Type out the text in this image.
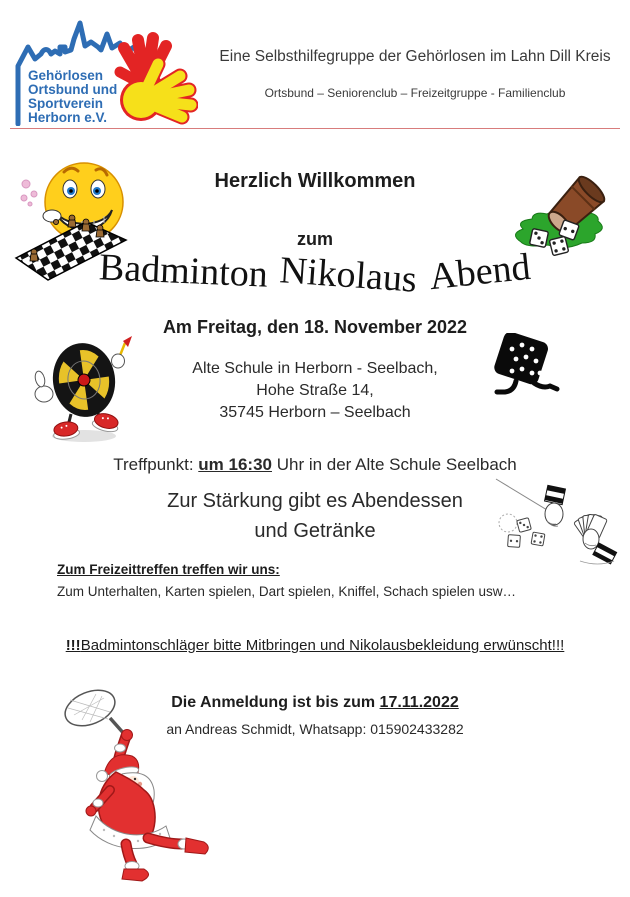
Gehörlosen
Ortsbund und
Sportverein
Herborn e.V.
Eine Selbsthilfegruppe der Gehörlosen im Lahn Dill Kreis
Ortsbund – Seniorenclub – Freizeitgruppe - Familienclub
Herzlich Willkommen
zum
Badminton Nikolaus Abend
Am Freitag, den 18. November 2022
Alte Schule in Herborn - Seelbach,
Hohe Straße 14,
35745 Herborn – Seelbach
Treffpunkt: um 16:30 Uhr in der Alte Schule Seelbach
Zur Stärkung gibt es Abendessen
und Getränke
Zum Freizeittreffen treffen wir uns:
Zum Unterhalten, Karten spielen, Dart spielen, Kniffel, Schach spielen usw…
!!!Badmintonschläger bitte Mitbringen und Nikolausbekleidung erwünscht!!!
Die Anmeldung ist bis zum 17.11.2022
an Andreas Schmidt, Whatsapp: 015902433282
